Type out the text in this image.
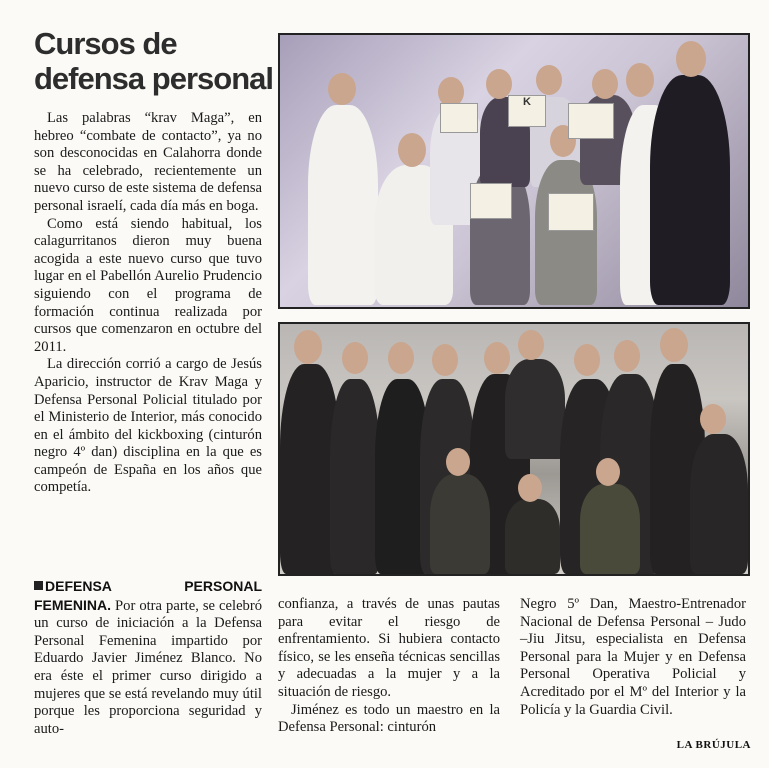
Cursos de
defensa personal

Las palabras “krav Maga”, en hebreo “combate de contacto”, ya no son desconocidas en Calahorra donde se ha celebrado, recientemente un nuevo curso de este sistema de defensa personal israelí, cada día más en boga.

Como está siendo habitual, los calagurritanos dieron muy buena acogida a este nuevo curso que tuvo lugar en el Pabellón Aurelio Prudencio siguiendo con el programa de formación continua realizada por cursos que comenzaron en octubre del 2011.

La dirección corrió a cargo de Jesús Aparicio, instructor de Krav Maga y Defensa Personal Policial titulado por el Ministerio de Interior, más conocido en el ámbito del kickboxing (cinturón negro 4º dan) disciplina en la que es campeón de España en los años que competía.

K

DEFENSA PERSONAL FEMENINA. Por otra parte, se celebró un curso de iniciación a la Defensa Personal Femenina impartido por Eduardo Javier Jiménez Blanco. No era éste el primer curso dirigido a mujeres que se está revelando muy útil porque les proporciona seguridad y auto-

confianza, a través de unas pautas para evitar el riesgo de enfrentamiento. Si hubiera contacto físico, se les enseña técnicas sencillas y adecuadas a la mujer y a la situación de riesgo.

Jiménez es todo un maestro en la Defensa Personal: cinturón

Negro 5º Dan, Maestro-Entrenador Nacional de Defensa Personal – Judo –Jiu Jitsu, especialista en Defensa Personal para la Mujer y en Defensa Personal Operativa Policial y Acreditado por el Mº del Interior y la Policía y la Guardia Civil.

LA BRÚJULA
